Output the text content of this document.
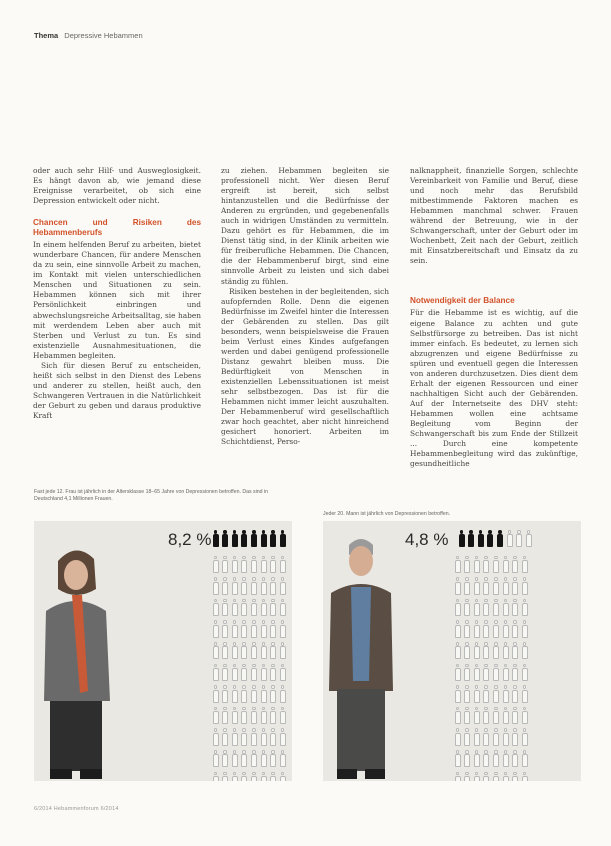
Thema Depressive Hebammen

oder auch sehr Hilf- und Ausweglosigkeit. Es hängt davon ab, wie jemand diese Ereignisse verarbeitet, ob sich eine Depression entwickelt oder nicht.

Chancen und Risiken des Hebammenberufs

In einem helfenden Beruf zu arbeiten, bietet wunderbare Chancen, für andere Menschen da zu sein, eine sinnvolle Arbeit zu machen, im Kontakt mit vielen unterschiedlichen Menschen und Situationen zu sein. Hebammen können sich mit ihrer Persönlichkeit einbringen und abwechslungsreiche Arbeitsalltag, sie haben mit werdendem Leben aber auch mit Sterben und Verlust zu tun. Es sind existenzielle Ausnahmesituationen, die Hebammen begleiten.

Sich für diesen Beruf zu entscheiden, heißt sich selbst in den Dienst des Lebens und anderer zu stellen, heißt auch, den Schwangeren Vertrauen in die Natürlichkeit der Geburt zu geben und daraus produktive Kraft

zu ziehen. Hebammen begleiten sie professionell nicht. Wer diesen Beruf ergreift ist bereit, sich selbst hintanzustellen und die Bedürfnisse der Anderen zu ergründen, und gegebenenfalls auch in widrigen Umständen zu vermitteln. Dazu gehört es für Hebammen, die im Dienst tätig sind, in der Klinik arbeiten wie für freiberufliche Hebammen. Die Chancen, die der Hebammenberuf birgt, sind eine sinnvolle Arbeit zu leisten und sich dabei ständig zu fühlen.

Risiken bestehen in der begleitenden, sich aufopfernden Rolle. Denn die eigenen Bedürfnisse im Zweifel hinter die Interessen der Gebärenden zu stellen. Das gilt besonders, wenn beispielsweise die Frauen beim Verlust eines Kindes aufgefangen werden und dabei genügend professionelle Distanz gewahrt bleiben muss. Die Bedürftigkeit von Menschen in existenziellen Lebenssituationen ist meist sehr selbstbezogen. Das ist für die Hebammen nicht immer leicht auszuhalten. Der Hebammenberuf wird gesellschaftlich zwar hoch geachtet, aber nicht hinreichend gesichert honoriert. Arbeiten im Schichtdienst, Perso-

nalknappheit, finanzielle Sorgen, schlechte Vereinbarkeit von Familie und Beruf, diese und noch mehr das Berufsbild mitbestimmende Faktoren machen es Hebammen manchmal schwer. Frauen während der Betreuung, wie in der Schwangerschaft, unter der Geburt oder im Wochenbett, Zeit nach der Geburt, zeitlich mit Einsatzbereitschaft und Einsatz da zu sein.

Notwendigkeit der Balance

Für die Hebamme ist es wichtig, auf die eigene Balance zu achten und gute Selbstfürsorge zu betreiben. Das ist nicht immer einfach. Es bedeutet, zu lernen sich abzugrenzen und eigene Bedürfnisse zu spüren und eventuell gegen die Interessen von anderen durchzusetzen. Dies dient dem Erhalt der eigenen Ressourcen und einer nachhaltigen Sicht auch der Gebärenden. Auf der Internetseite des DHV steht: Hebammen wollen eine achtsame Begleitung vom Beginn der Schwangerschaft bis zum Ende der Stillzeit ... Durch eine kompetente Hebammenbegleitung wird das zukünftige, gesundheitliche

Fast jede 12. Frau ist jährlich in der Altersklasse 18–65 Jahre von Depressionen betroffen. Das sind in Deutschland 4,1 Millionen Frauen.
Jeder 20. Mann ist jährlich von Depressionen betroffen.
8,2 %	4,8 %
6/2014 Hebammenforum 6/2014
